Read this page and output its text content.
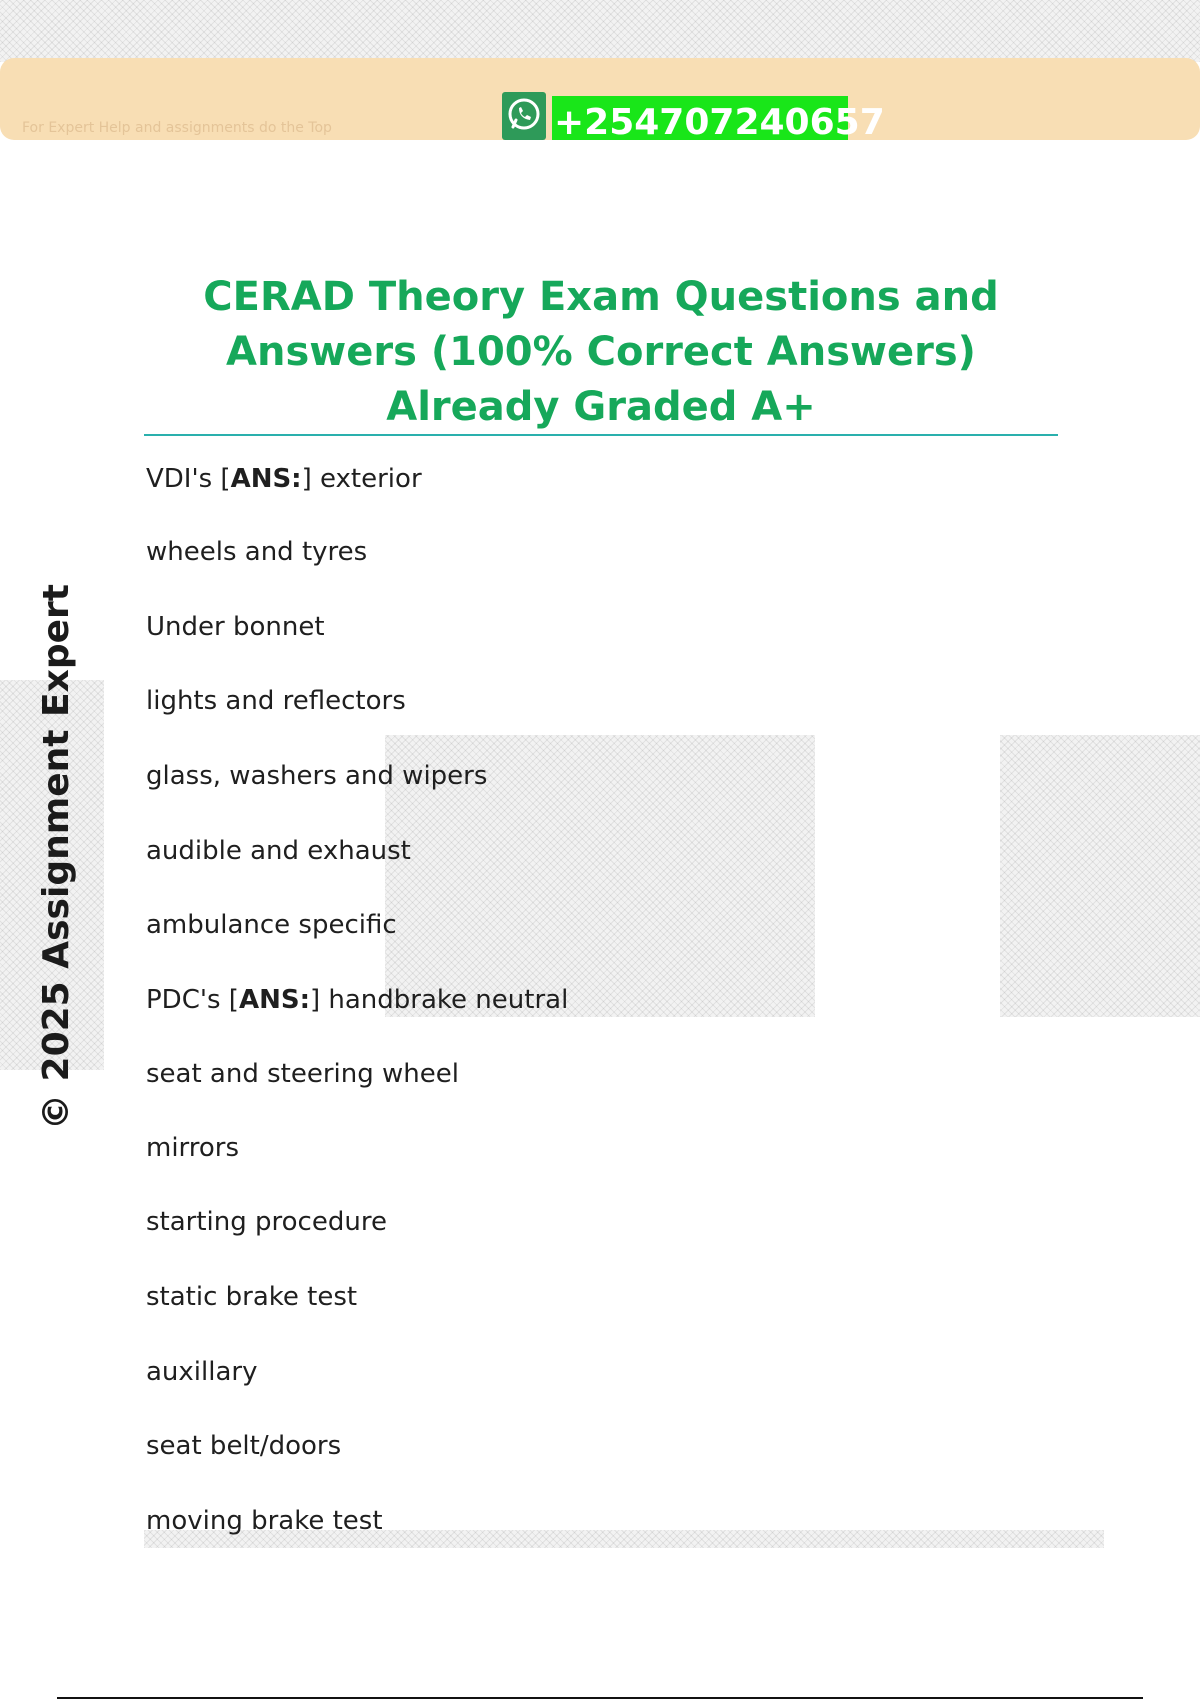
For Expert Help and assignments do the Top	+254707240657
CERAD Theory Exam Questions and Answers (100% Correct Answers) Already Graded A+
© 2025 Assignment Expert
VDI's [ANS:] exterior
wheels and tyres
Under bonnet
lights and reflectors
glass, washers and wipers
audible and exhaust
ambulance specific
PDC's [ANS:] handbrake neutral
seat and steering wheel
mirrors
starting procedure
static brake test
auxillary
seat belt/doors
moving brake test
